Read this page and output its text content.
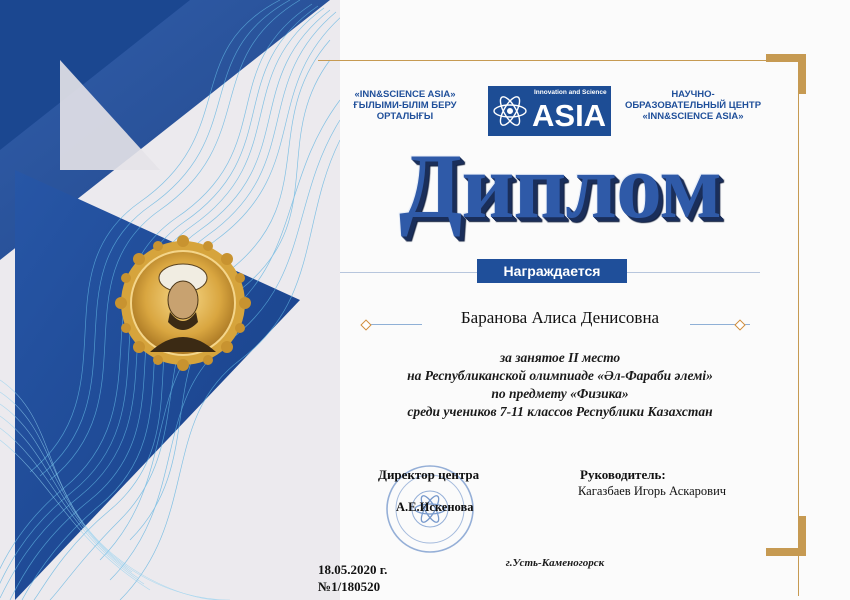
«INN&SCIENCE ASIA»
ҒЫЛЫМИ-БІЛІМ БЕРУ
ОРТАЛЫҒЫ
Innovation and Science
ASIA
НАУЧНО-
ОБРАЗОВАТЕЛЬНЫЙ ЦЕНТР
«INN&SCIENCE ASIA»
Диплом
Награждается
Баранова Алиса Денисовна
за занятое II место
на Республиканской олимпиаде «Әл-Фараби әлемі»
по предмету «Физика»
среди учеников 7-11 классов Республики Казахстан
Директор центра
А.Е.Искенова
Руководитель:
Кагазбаев Игорь Аскарович
18.05.2020 г.
№1/180520
г.Усть-Каменогорск
